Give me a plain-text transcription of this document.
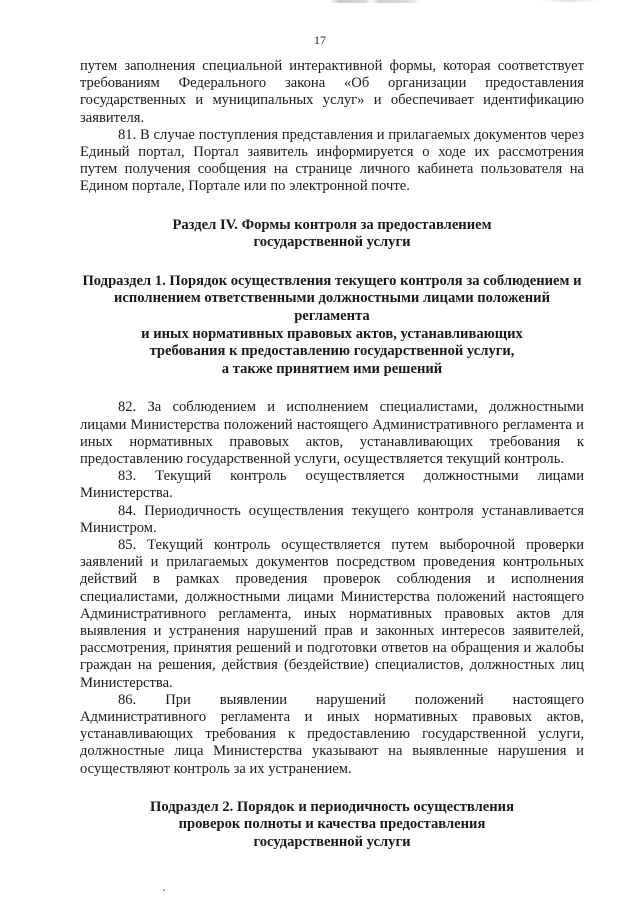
17

путем заполнения специальной интерактивной формы, которая соответствует требованиям Федерального закона «Об организации предоставления государственных и муниципальных услуг» и обеспечивает идентификацию заявителя.

81. В случае поступления представления и прилагаемых документов через Единый портал, Портал заявитель информируется о ходе их рассмотрения путем получения сообщения на странице личного кабинета пользователя на Едином портале, Портале или по электронной почте.

Раздел IV. Формы контроля за предоставлением
государственной услуги
Подраздел 1. Порядок осуществления текущего контроля за соблюдением и
исполнением ответственными должностными лицами положений регламента
и иных нормативных правовых актов, устанавливающих
требования к предоставлению государственной услуги,
а также принятием ими решений

82. За соблюдением и исполнением специалистами, должностными лицами Министерства положений настоящего Административного регламента и иных нормативных правовых актов, устанавливающих требования к предоставлению государственной услуги, осуществляется текущий контроль.

83. Текущий контроль осуществляется должностными лицами Министерства.

84. Периодичность осуществления текущего контроля устанавливается Министром.

85. Текущий контроль осуществляется путем выборочной проверки заявлений и прилагаемых документов посредством проведения контрольных действий в рамках проведения проверок соблюдения и исполнения специалистами, должностными лицами Министерства положений настоящего Административного регламента, иных нормативных правовых актов для выявления и устранения нарушений прав и законных интересов заявителей, рассмотрения, принятия решений и подготовки ответов на обращения и жалобы граждан на решения, действия (бездействие) специалистов, должностных лиц Министерства.

86. При выявлении нарушений положений настоящего Административного регламента и иных нормативных правовых актов, устанавливающих требования к предоставлению государственной услуги, должностные лица Министерства указывают на выявленные нарушения и осуществляют контроль за их устранением.

Подраздел 2. Порядок и периодичность осуществления
проверок полноты и качества предоставления
государственной услуги
